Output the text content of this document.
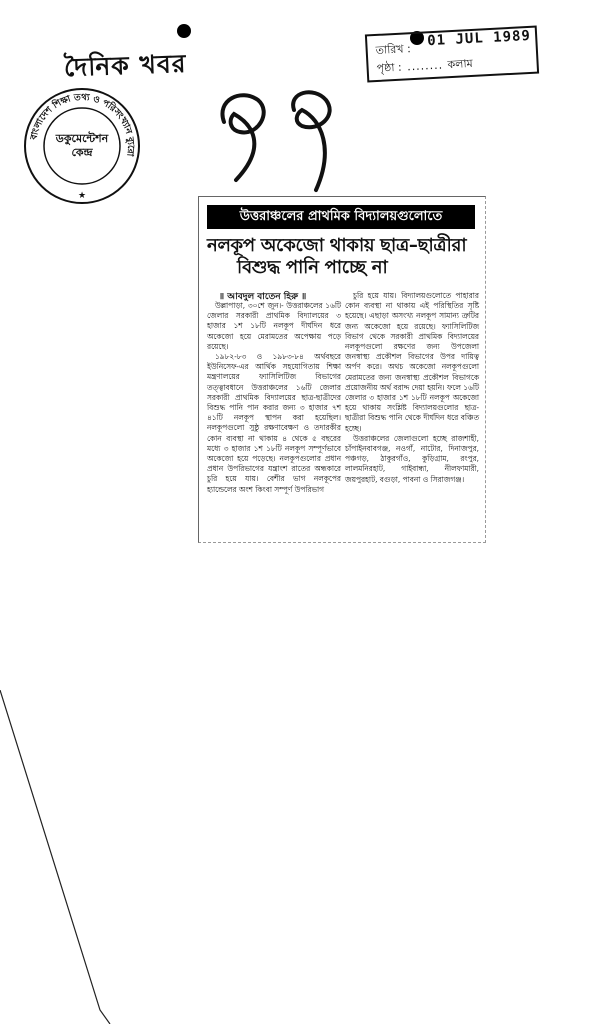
দৈনিক খবর
বাংলাদেশ শিক্ষা তথ্য ও পরিসংখ্যান ব্যুরো
★
ডকুমেন্টেশন
কেন্দ্র
তারিখ : 01 JUL 1989
পৃষ্ঠা : ........ কলাম
উত্তরাঞ্চলের প্রাথমিক বিদ্যালয়গুলোতে
নলকূপ অকেজো থাকায় ছাত্র–ছাত্রীরা
বিশুদ্ধ পানি পাচ্ছে না
॥ আবদুল বাতেন হিরু ॥

উল্লাপাড়া, ৩০শে জুন।- উত্তরাঞ্চলের ১৬টি জেলার সরকারী প্রাথমিক বিদ্যালয়ের ৩ হাজার ১শ ১৮টি নলকূপ দীর্ঘদিন ধরে অকেজো হয়ে মেরামতের অপেক্ষায় পড়ে রয়েছে।

১৯৮২-৮৩ ও ১৯৮৩-৮৪ অর্থবছরে ইউনিসেফ-এর আর্থিক সহযোগিতায় শিক্ষা মন্ত্রণালয়ের ফ্যাসিলিটিজ বিভাগের তত্ত্বাবধানে উত্তরাঞ্চলের ১৬টি জেলার সরকারী প্রাথমিক বিদ্যালয়ের ছাত্র-ছাত্রীদের বিশুদ্ধ পানি পান করার জন্য ৩ হাজার ৭শ ৪১টি নলকূপ স্থাপন করা হয়েছিল। নলকূপগুলো সুষ্ঠু রক্ষণাবেক্ষণ ও তদারকীর কোন ব্যবস্থা না থাকায় ৪ থেকে ৫ বছরের মধ্যে ৩ হাজার ১শ ১৮টি নলকূপ সম্পূর্ণভাবে অকেজো হয়ে পড়েছে। নলকূপগুলোর প্রধান প্রধান উপরিভাগের যন্ত্রাংশ রাতের অন্ধকারে চুরি হয়ে যায়। বেশীর ভাগ নলকূপের হ্যান্ডেলের অংশ কিংবা সম্পূর্ণ উপরিভাগ

চুরি হয়ে যায়। বিদ্যালয়গুলোতে পাহারার কোন ব্যবস্থা না থাকায় এই পরিস্থিতির সৃষ্টি হয়েছে। এছাড়া অসংখ্য নলকূপ সামান্য ত্রুটির জন্য অকেজো হয়ে রয়েছে। ফ্যাসিলিটিজ বিভাগ থেকে সরকারী প্রাথমিক বিদ্যালয়ের নলকূপগুলো রক্ষণের জন্য উপজেলা জনস্বাস্থ্য প্রকৌশল বিভাগের উপর দায়িত্ব অর্পণ করে। অথচ অকেজো নলকূপগুলো মেরামতের জন্য জনস্বাস্থ্য প্রকৌশল বিভাগকে প্রয়োজনীয় অর্থ বরাদ্দ দেয়া হয়নি। ফলে ১৬টি জেলার ৩ হাজার ১শ ১৮টি নলকূপ অকেজো হয়ে থাকায় সংশ্লিষ্ট বিদ্যালয়গুলোর ছাত্র-ছাত্রীরা বিশুদ্ধ পানি থেকে দীর্ঘদিন ধরে বঞ্চিত হচ্ছে।

উত্তরাঞ্চলের জেলাগুলো হচ্ছে রাজশাহী, চাঁপাইনবাবগঞ্জ, নওগাঁ, নাটোর, দিনাজপুর, পঞ্চগড়, ঠাকুরগাঁও, কুড়িগ্রাম, রংপুর, লালমনিরহাট, গাইবান্ধা, নীলফামারী, জয়পুরহাট, বগুড়া, পাবনা ও সিরাজগঞ্জ।
